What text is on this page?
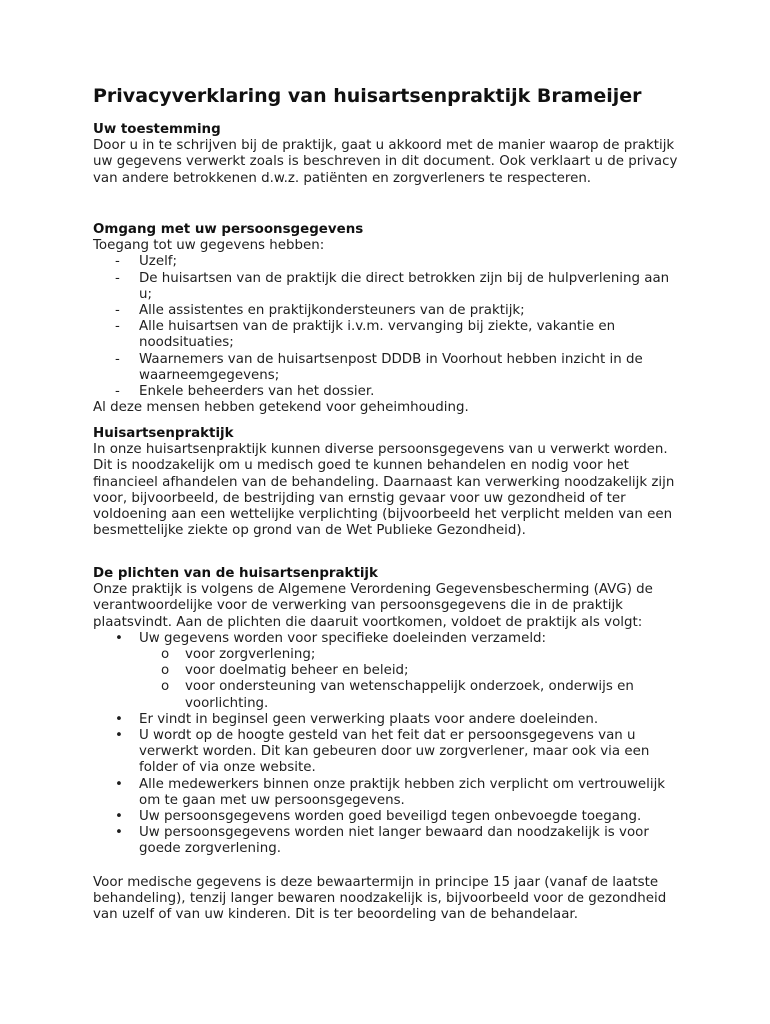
Privacyverklaring van huisartsenpraktijk Brameijer
Uw toestemming

Door u in te schrijven bij de praktijk, gaat u akkoord met de manier waarop de praktijk uw gegevens verwerkt zoals is beschreven in dit document. Ook verklaart u de privacy van andere betrokkenen d.w.z. patiënten en zorgverleners te respecteren.

Omgang met uw persoonsgegevens

Toegang tot uw gegevens hebben:

- Uzelf;
- De huisartsen van de praktijk die direct betrokken zijn bij de hulpverlening aan u;
- Alle assistentes en praktijkondersteuners van de praktijk;
- Alle huisartsen van de praktijk i.v.m. vervanging bij ziekte, vakantie en noodsituaties;
- Waarnemers van de huisartsenpost DDDB in Voorhout hebben inzicht in de waarneemgegevens;
- Enkele beheerders van het dossier.

Al deze mensen hebben getekend voor geheimhouding.

Huisartsenpraktijk

In onze huisartsenpraktijk kunnen diverse persoonsgegevens van u verwerkt worden. Dit is noodzakelijk om u medisch goed te kunnen behandelen en nodig voor het financieel afhandelen van de behandeling. Daarnaast kan verwerking noodzakelijk zijn voor, bijvoorbeeld, de bestrijding van ernstig gevaar voor uw gezondheid of ter voldoening aan een wettelijke verplichting (bijvoorbeeld het verplicht melden van een besmettelijke ziekte op grond van de Wet Publieke Gezondheid).

De plichten van de huisartsenpraktijk

Onze praktijk is volgens de Algemene Verordening Gegevensbescherming (AVG) de verantwoordelijke voor de verwerking van persoonsgegevens die in de praktijk plaatsvindt. Aan de plichten die daaruit voortkomen, voldoet de praktijk als volgt:

• Uw gegevens worden voor specifieke doeleinden verzameld:
o voor zorgverlening;
o voor doelmatig beheer en beleid;
o voor ondersteuning van wetenschappelijk onderzoek, onderwijs en voorlichting.
• Er vindt in beginsel geen verwerking plaats voor andere doeleinden.
• U wordt op de hoogte gesteld van het feit dat er persoonsgegevens van u verwerkt worden. Dit kan gebeuren door uw zorgverlener, maar ook via een folder of via onze website.
• Alle medewerkers binnen onze praktijk hebben zich verplicht om vertrouwelijk om te gaan met uw persoonsgegevens.
• Uw persoonsgegevens worden goed beveiligd tegen onbevoegde toegang.
• Uw persoonsgegevens worden niet langer bewaard dan noodzakelijk is voor goede zorgverlening.

Voor medische gegevens is deze bewaartermijn in principe 15 jaar (vanaf de laatste behandeling), tenzij langer bewaren noodzakelijk is, bijvoorbeeld voor de gezondheid van uzelf of van uw kinderen. Dit is ter beoordeling van de behandelaar.
